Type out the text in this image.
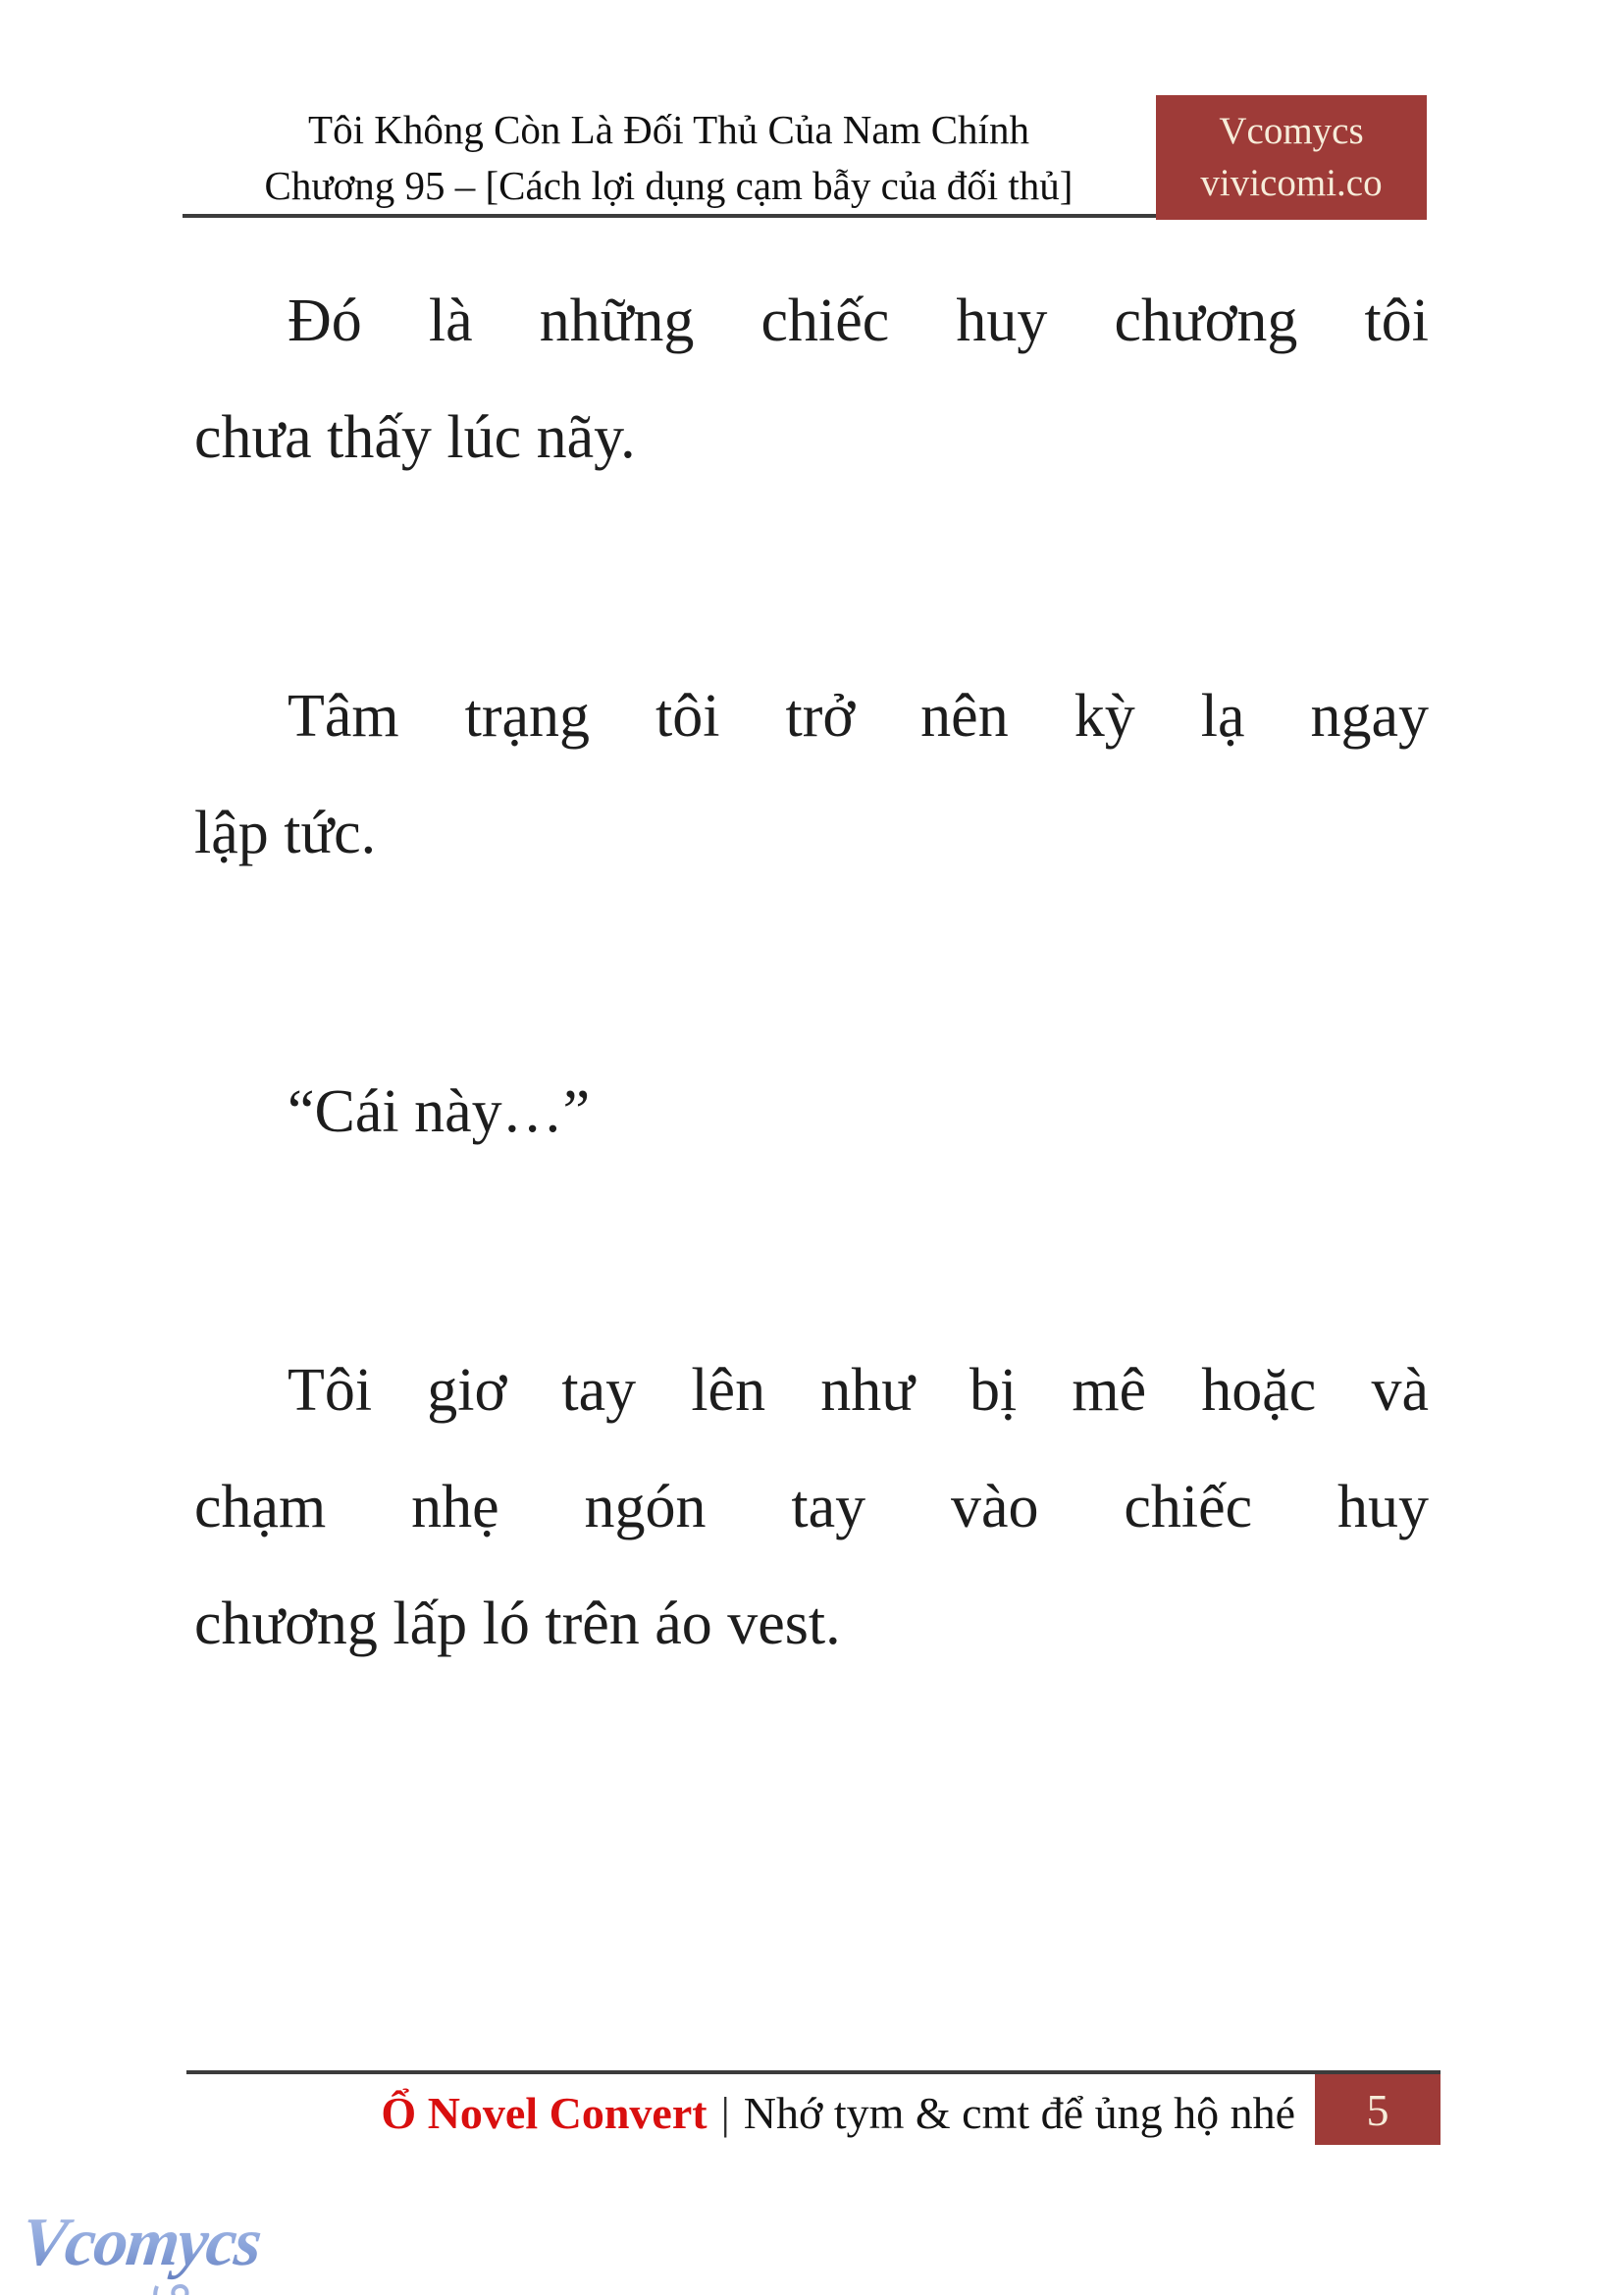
Tôi Không Còn Là Đối Thủ Của Nam Chính
Chương 95 – [Cách lợi dụng cạm bẫy của đối thủ]
Vcomycs
vivicomi.co

Đó là những chiếc huy chương tôi
chưa thấy lúc nãy.

Tâm trạng tôi trở nên kỳ lạ ngay
lập tức.

“Cái này…”

Tôi giơ tay lên như bị mê hoặc và
chạm nhẹ ngón tay vào chiếc huy
chương lấp ló trên áo vest.

Ổ Novel Convert | Nhớ tym & cmt để ủng hộ nhé 5
Vcomycs
